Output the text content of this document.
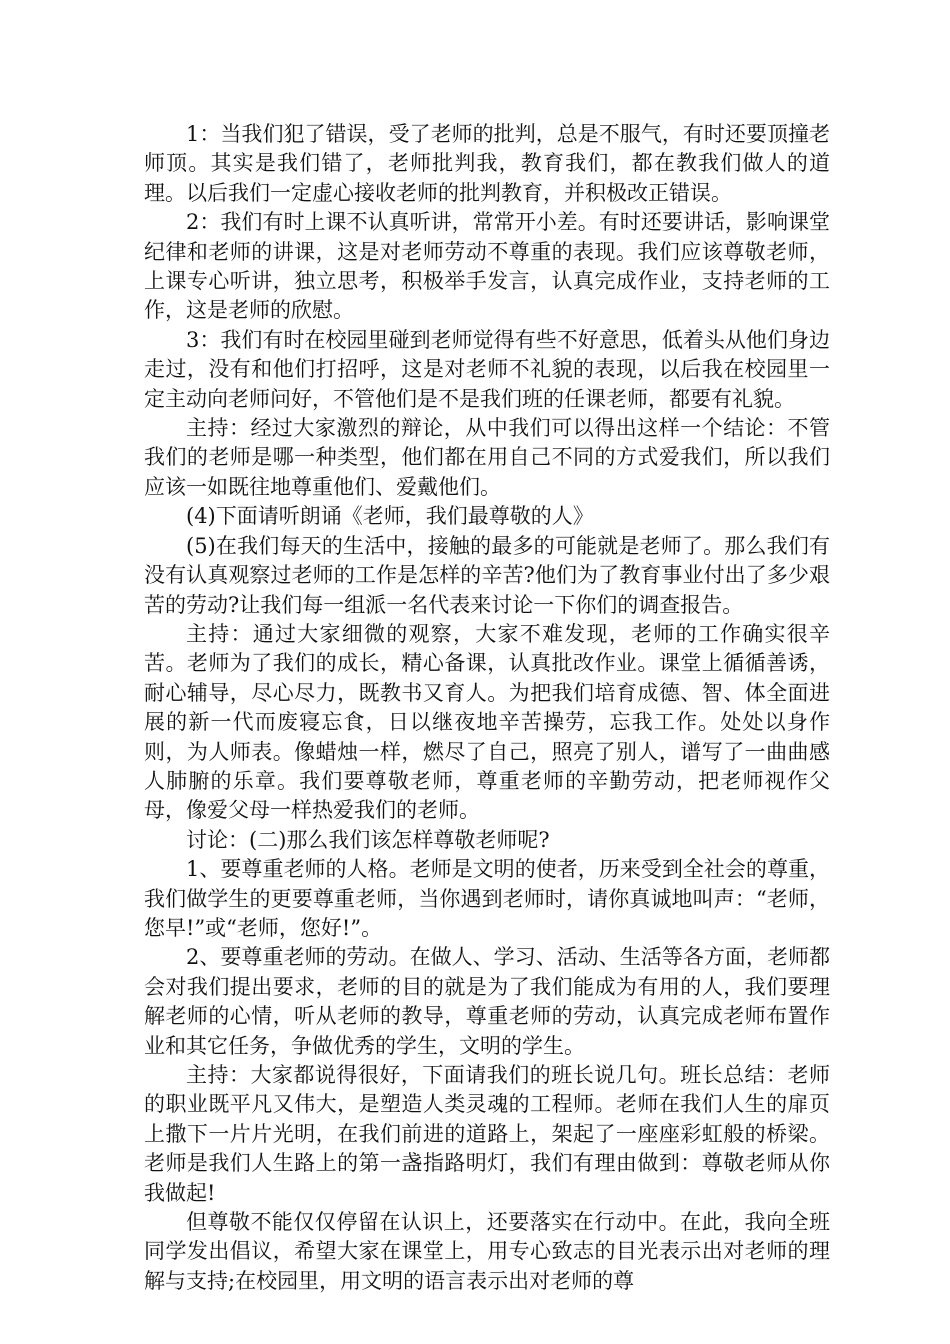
1：当我们犯了错误，受了老师的批判，总是不服气，有时还要顶撞老师顶。其实是我们错了，老师批判我，教育我们，都在教我们做人的道理。以后我们一定虚心接收老师的批判教育，并积极改正错误。

2：我们有时上课不认真听讲，常常开小差。有时还要讲话，影响课堂纪律和老师的讲课，这是对老师劳动不尊重的表现。我们应该尊敬老师，上课专心听讲，独立思考，积极举手发言，认真完成作业，支持老师的工作，这是老师的欣慰。

3：我们有时在校园里碰到老师觉得有些不好意思，低着头从他们身边走过，没有和他们打招呼，这是对老师不礼貌的表现，以后我在校园里一定主动向老师问好，不管他们是不是我们班的任课老师，都要有礼貌。

主持：经过大家激烈的辩论，从中我们可以得出这样一个结论：不管我们的老师是哪一种类型，他们都在用自己不同的方式爱我们，所以我们应该一如既往地尊重他们、爱戴他们。

(4)下面请听朗诵《老师，我们最尊敬的人》

(5)在我们每天的生活中，接触的最多的可能就是老师了。那么我们有没有认真观察过老师的工作是怎样的辛苦?他们为了教育事业付出了多少艰苦的劳动?让我们每一组派一名代表来讨论一下你们的调查报告。

主持：通过大家细微的观察，大家不难发现，老师的工作确实很辛苦。老师为了我们的成长，精心备课，认真批改作业。课堂上循循善诱，耐心辅导，尽心尽力，既教书又育人。为把我们培育成德、智、体全面进展的新一代而废寝忘食，日以继夜地辛苦操劳，忘我工作。处处以身作则，为人师表。像蜡烛一样，燃尽了自己，照亮了别人，谱写了一曲曲感人肺腑的乐章。我们要尊敬老师，尊重老师的辛勤劳动，把老师视作父母，像爱父母一样热爱我们的老师。

讨论：(二)那么我们该怎样尊敬老师呢?

1、要尊重老师的人格。老师是文明的使者，历来受到全社会的尊重，我们做学生的更要尊重老师，当你遇到老师时，请你真诚地叫声：“老师，您早!”或“老师，您好!”。

2、要尊重老师的劳动。在做人、学习、活动、生活等各方面，老师都会对我们提出要求，老师的目的就是为了我们能成为有用的人，我们要理解老师的心情，听从老师的教导，尊重老师的劳动，认真完成老师布置作业和其它任务，争做优秀的学生，文明的学生。

主持：大家都说得很好，下面请我们的班长说几句。班长总结：老师的职业既平凡又伟大，是塑造人类灵魂的工程师。老师在我们人生的扉页上撒下一片片光明，在我们前进的道路上，架起了一座座彩虹般的桥梁。老师是我们人生路上的第一盏指路明灯，我们有理由做到：尊敬老师从你我做起!

但尊敬不能仅仅停留在认识上，还要落实在行动中。在此，我向全班同学发出倡议，希望大家在课堂上，用专心致志的目光表示出对老师的理解与支持;在校园里，用文明的语言表示出对老师的尊
